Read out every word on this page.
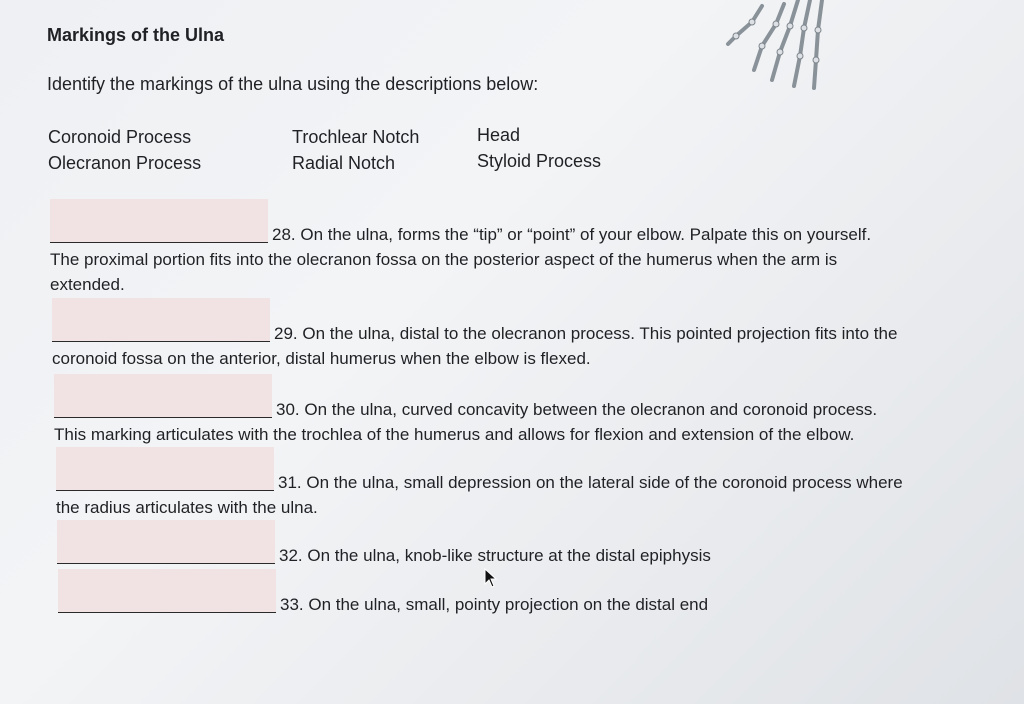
Markings of the Ulna
Identify the markings of the ulna using the descriptions below:
Coronoid Process
Olecranon Process
Trochlear Notch
Radial Notch
Head
Styloid Process
28. On the ulna, forms the “tip” or “point” of your elbow. Palpate this on yourself.
The proximal portion fits into the olecranon fossa on the posterior aspect of the humerus when the arm is
extended.
29. On the ulna, distal to the olecranon process. This pointed projection fits into the
coronoid fossa on the anterior, distal humerus when the elbow is flexed.
30. On the ulna, curved concavity between the olecranon and coronoid process.
This marking articulates with the trochlea of the humerus and allows for flexion and extension of the elbow.
31. On the ulna, small depression on the lateral side of the coronoid process where
the radius articulates with the ulna.
32. On the ulna, knob-like structure at the distal epiphysis
33. On the ulna, small, pointy projection on the distal end
